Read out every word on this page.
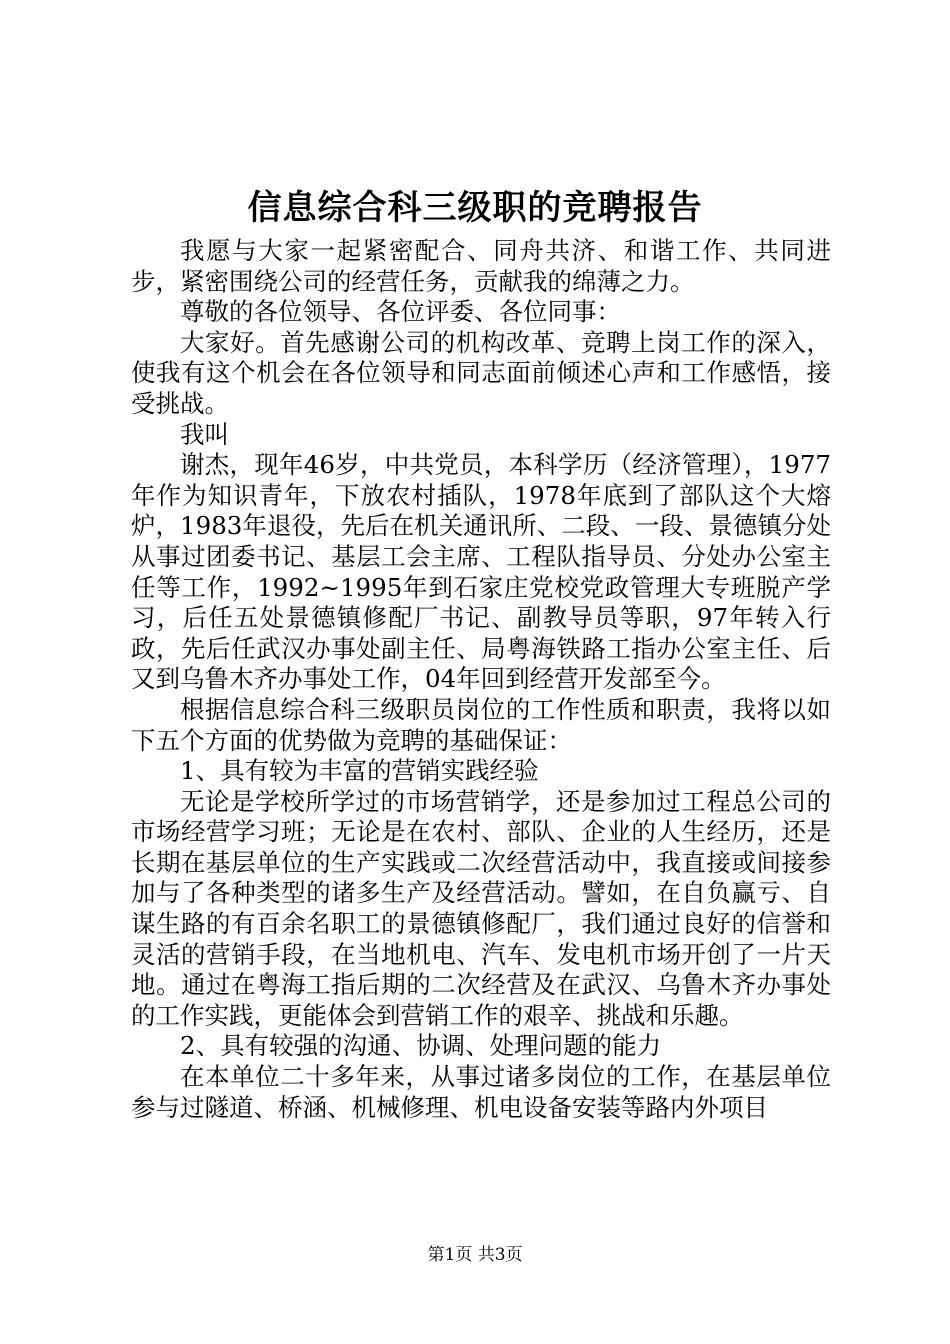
信息综合科三级职的竞聘报告

我愿与大家一起紧密配合、同舟共济、和谐工作、共同进步，紧密围绕公司的经营任务，贡献我的绵薄之力。

尊敬的各位领导、各位评委、各位同事：

大家好。首先感谢公司的机构改革、竞聘上岗工作的深入，使我有这个机会在各位领导和同志面前倾述心声和工作感悟，接受挑战。

我叫

谢杰，现年46岁，中共党员，本科学历（经济管理），1977年作为知识青年，下放农村插队，1978年底到了部队这个大熔炉，1983年退役，先后在机关通讯所、二段、一段、景德镇分处从事过团委书记、基层工会主席、工程队指导员、分处办公室主任等工作，1992~1995年到石家庄党校党政管理大专班脱产学习，后任五处景德镇修配厂书记、副教导员等职，97年转入行政，先后任武汉办事处副主任、局粤海铁路工指办公室主任、后又到乌鲁木齐办事处工作，04年回到经营开发部至今。

根据信息综合科三级职员岗位的工作性质和职责，我将以如下五个方面的优势做为竞聘的基础保证：

1、具有较为丰富的营销实践经验

无论是学校所学过的市场营销学，还是参加过工程总公司的市场经营学习班；无论是在农村、部队、企业的人生经历，还是长期在基层单位的生产实践或二次经营活动中，我直接或间接参加与了各种类型的诸多生产及经营活动。譬如，在自负赢亏、自谋生路的有百余名职工的景德镇修配厂，我们通过良好的信誉和灵活的营销手段，在当地机电、汽车、发电机市场开创了一片天地。通过在粤海工指后期的二次经营及在武汉、乌鲁木齐办事处的工作实践，更能体会到营销工作的艰辛、挑战和乐趣。

2、具有较强的沟通、协调、处理问题的能力

在本单位二十多年来，从事过诸多岗位的工作，在基层单位参与过隧道、桥涵、机械修理、机电设备安装等路内外项目

第1页 共3页
